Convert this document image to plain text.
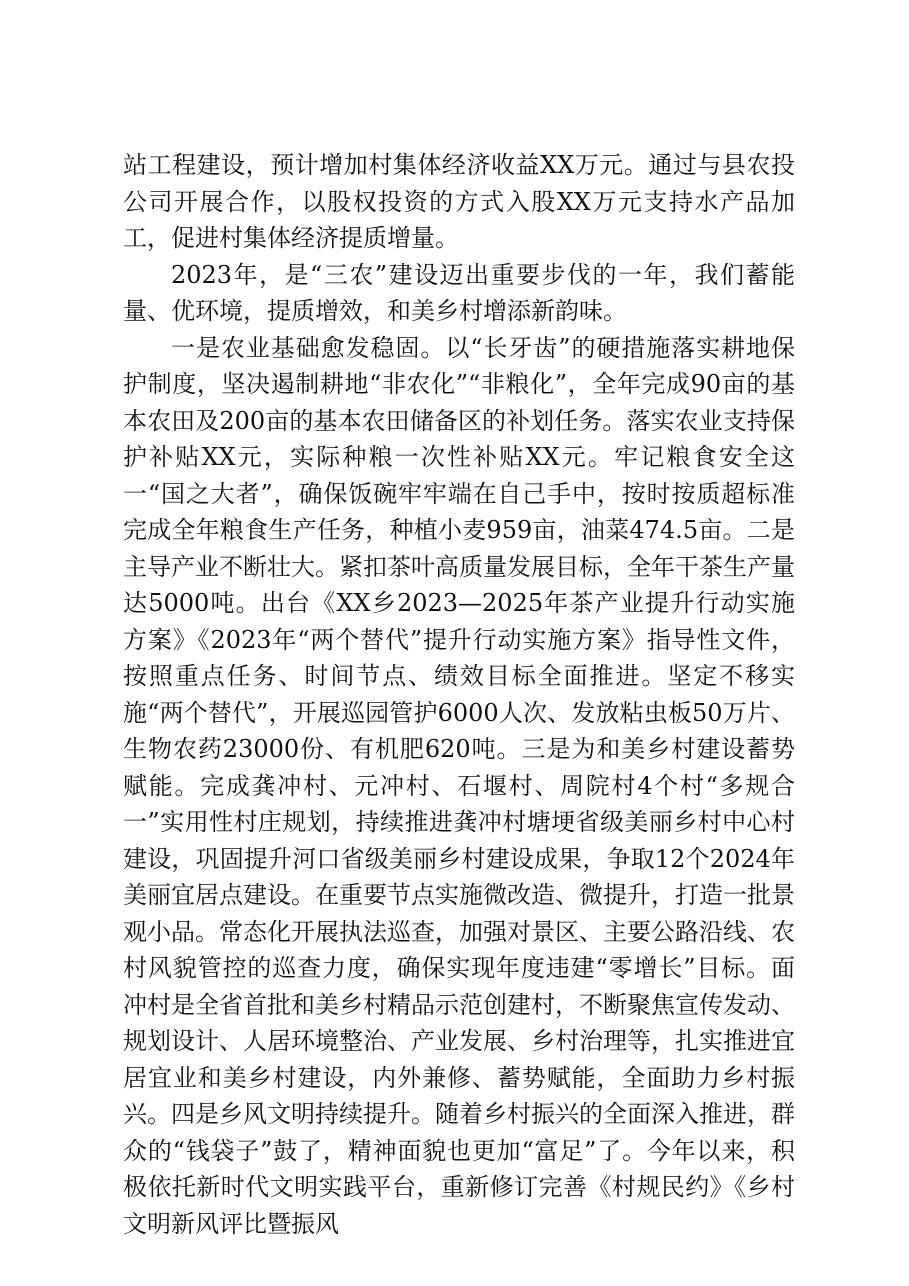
站工程建设，预计增加村集体经济收益XX万元。通过与县农投公司开展合作，以股权投资的方式入股XX万元支持水产品加工，促进村集体经济提质增量。

2023年，是“三农”建设迈出重要步伐的一年，我们蓄能量、优环境，提质增效，和美乡村增添新韵味。

一是农业基础愈发稳固。以“长牙齿”的硬措施落实耕地保护制度，坚决遏制耕地“非农化”“非粮化”，全年完成90亩的基本农田及200亩的基本农田储备区的补划任务。落实农业支持保护补贴XX元，实际种粮一次性补贴XX元。牢记粮食安全这一“国之大者”，确保饭碗牢牢端在自己手中，按时按质超标准完成全年粮食生产任务，种植小麦959亩，油菜474.5亩。二是主导产业不断壮大。紧扣茶叶高质量发展目标，全年干茶生产量达5000吨。出台《XX乡2023—2025年茶产业提升行动实施方案》《2023年“两个替代”提升行动实施方案》指导性文件，按照重点任务、时间节点、绩效目标全面推进。坚定不移实施“两个替代”，开展巡园管护6000人次、发放粘虫板50万片、生物农药23000份、有机肥620吨。三是为和美乡村建设蓄势赋能。完成龚冲村、元冲村、石堰村、周院村4个村“多规合一”实用性村庄规划，持续推进龚冲村塘埂省级美丽乡村中心村建设，巩固提升河口省级美丽乡村建设成果，争取12个2024年美丽宜居点建设。在重要节点实施微改造、微提升，打造一批景观小品。常态化开展执法巡查，加强对景区、主要公路沿线、农村风貌管控的巡查力度，确保实现年度违建“零增长”目标。面冲村是全省首批和美乡村精品示范创建村，不断聚焦宣传发动、规划设计、人居环境整治、产业发展、乡村治理等，扎实推进宜居宜业和美乡村建设，内外兼修、蓄势赋能，全面助力乡村振兴。四是乡风文明持续提升。随着乡村振兴的全面深入推进，群众的“钱袋子”鼓了，精神面貌也更加“富足”了。今年以来，积极依托新时代文明实践平台，重新修订完善《村规民约》《乡村文明新风评比暨振风
